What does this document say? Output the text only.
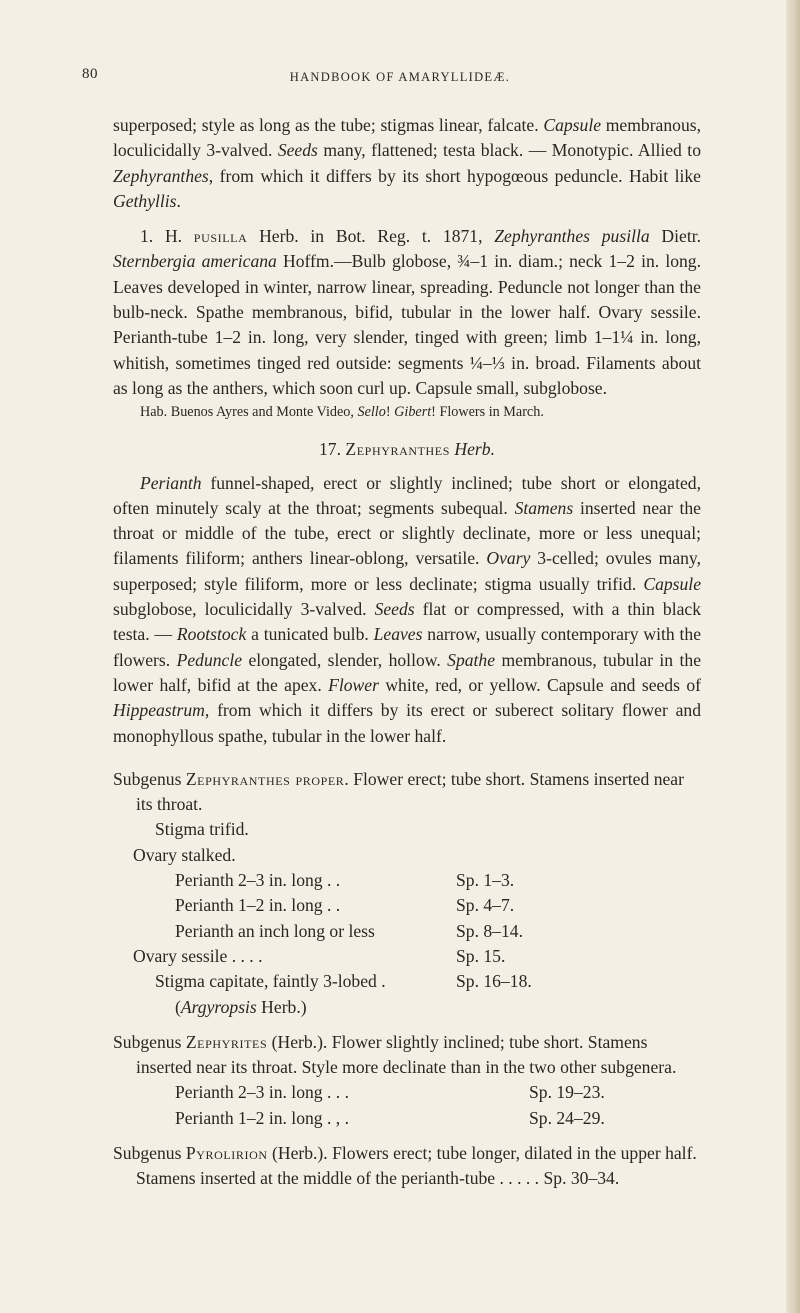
80	HANDBOOK OF AMARYLLIDEÆ.

superposed; style as long as the tube; stigmas linear, falcate. Capsule membranous, loculicidally 3-valved. Seeds many, flattened; testa black. — Monotypic. Allied to Zephyranthes, from which it differs by its short hypogœous peduncle. Habit like Gethyllis.

1. H. pusilla Herb. in Bot. Reg. t. 1871, Zephyranthes pusilla Dietr. Sternbergia americana Hoffm.—Bulb globose, ¾–1 in. diam.; neck 1–2 in. long. Leaves developed in winter, narrow linear, spreading. Peduncle not longer than the bulb-neck. Spathe membranous, bifid, tubular in the lower half. Ovary sessile. Perianth-tube 1–2 in. long, very slender, tinged with green; limb 1–1¼ in. long, whitish, sometimes tinged red outside: segments ¼–⅓ in. broad. Filaments about as long as the anthers, which soon curl up. Capsule small, subglobose.

Hab. Buenos Ayres and Monte Video, Sello! Gibert! Flowers in March.

17. Zephyranthes Herb.

Perianth funnel-shaped, erect or slightly inclined; tube short or elongated, often minutely scaly at the throat; segments subequal. Stamens inserted near the throat or middle of the tube, erect or slightly declinate, more or less unequal; filaments filiform; anthers linear-oblong, versatile. Ovary 3-celled; ovules many, superposed; style filiform, more or less declinate; stigma usually trifid. Capsule subglobose, loculicidally 3-valved. Seeds flat or compressed, with a thin black testa. — Rootstock a tunicated bulb. Leaves narrow, usually contemporary with the flowers. Peduncle elongated, slender, hollow. Spathe membranous, tubular in the lower half, bifid at the apex. Flower white, red, or yellow. Capsule and seeds of Hippeastrum, from which it differs by its erect or suberect solitary flower and monophyllous spathe, tubular in the lower half.

Subgenus Zephyranthes proper. Flower erect; tube short. Stamens inserted near its throat.

Stigma trifid.
Ovary stalked.
Perianth 2–3 in. long . .	Sp. 1–3.
Perianth 1–2 in. long . .	Sp. 4–7.
Perianth an inch long or less	Sp. 8–14.
Ovary sessile . . . .	Sp. 15.
Stigma capitate, faintly 3-lobed .	Sp. 16–18.
(Argyropsis Herb.)

Subgenus Zephyrites (Herb.). Flower slightly inclined; tube short. Stamens inserted near its throat. Style more declinate than in the two other subgenera.

Perianth 2–3 in. long . . .	Sp. 19–23.
Perianth 1–2 in. long . , .	Sp. 24–29.

Subgenus Pyrolirion (Herb.). Flowers erect; tube longer, dilated in the upper half. Stamens inserted at the middle of the perianth-tube . . . . . Sp. 30–34.
